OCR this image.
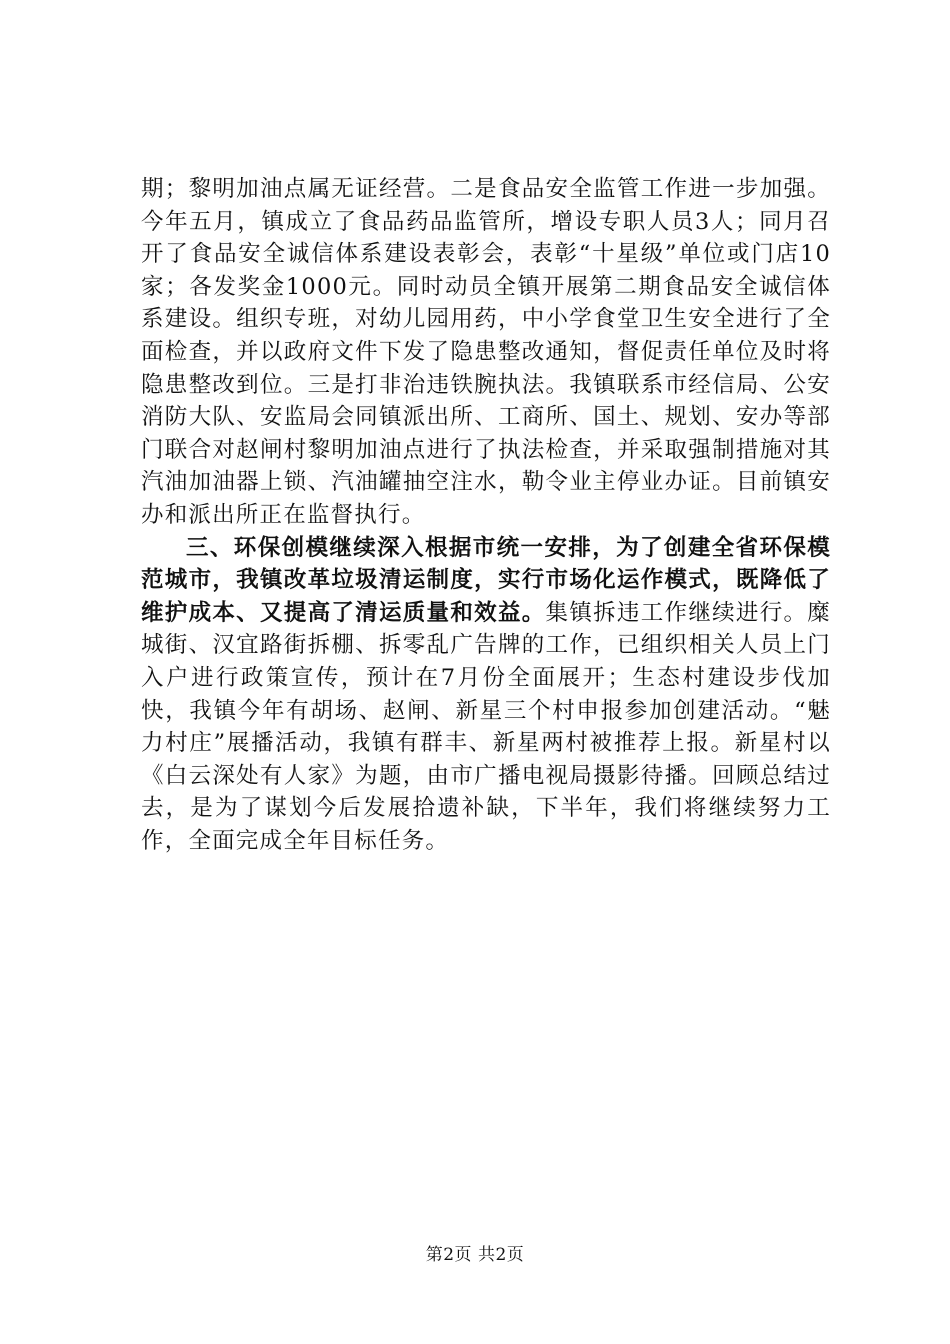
期；黎明加油点属无证经营。二是食品安全监管工作进一步加强。今年五月，镇成立了食品药品监管所，增设专职人员3人；同月召开了食品安全诚信体系建设表彰会，表彰“十星级”单位或门店10家；各发奖金1000元。同时动员全镇开展第二期食品安全诚信体系建设。组织专班，对幼儿园用药，中小学食堂卫生安全进行了全面检查，并以政府文件下发了隐患整改通知，督促责任单位及时将隐患整改到位。三是打非治违铁腕执法。我镇联系市经信局、公安消防大队、安监局会同镇派出所、工商所、国土、规划、安办等部门联合对赵闸村黎明加油点进行了执法检查，并采取强制措施对其汽油加油器上锁、汽油罐抽空注水，勒令业主停业办证。目前镇安办和派出所正在监督执行。

三、环保创模继续深入根据市统一安排，为了创建全省环保模范城市，我镇改革垃圾清运制度，实行市场化运作模式，既降低了维护成本、又提高了清运质量和效益。集镇拆违工作继续进行。糜城街、汉宜路街拆棚、拆零乱广告牌的工作，已组织相关人员上门入户进行政策宣传，预计在7月份全面展开；生态村建设步伐加快，我镇今年有胡场、赵闸、新星三个村申报参加创建活动。“魅力村庄”展播活动，我镇有群丰、新星两村被推荐上报。新星村以《白云深处有人家》为题，由市广播电视局摄影待播。回顾总结过去，是为了谋划今后发展拾遗补缺，下半年，我们将继续努力工作，全面完成全年目标任务。

第2页 共2页
